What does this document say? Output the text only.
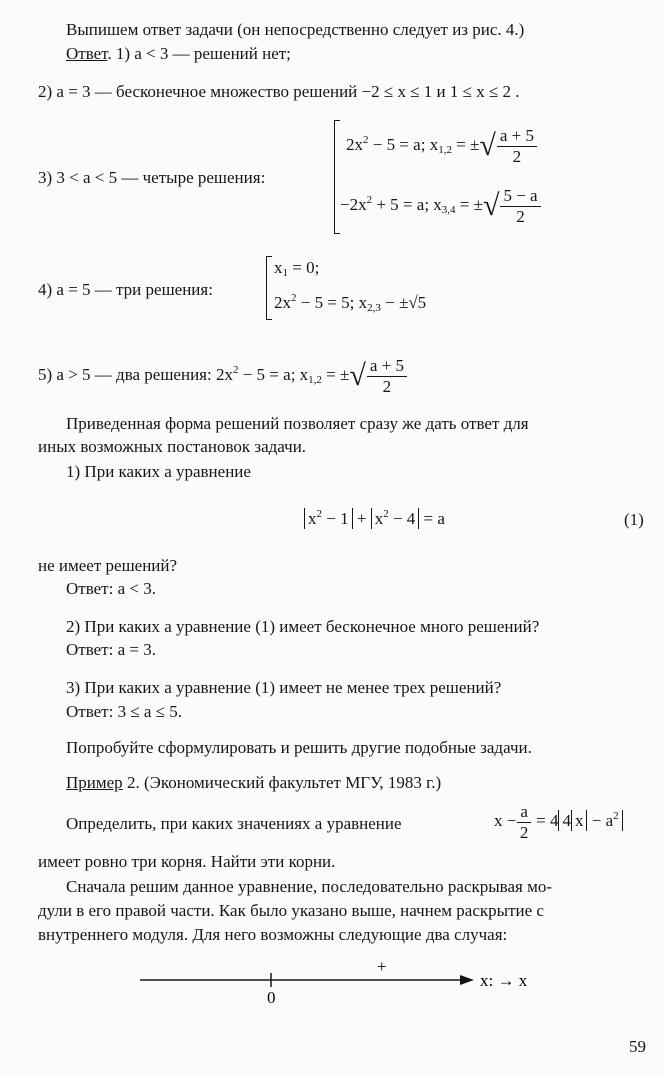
Выпишем ответ задачи (он непосредственно следует из рис. 4.)
Ответ. 1) a < 3 — решений нет;
2) a = 3 — бесконечное множество решений −2 ≤ x ≤ 1 и 1 ≤ x ≤ 2 .
3) 3 < a < 5 — четыре решения:
$2x^2 - 5 = a$; $x_{1,2}$ = ±√ $\frac{a + 5}{2}$
$-2x^2 + 5 = a$; $x_{3,4}$ = ±√ $\frac{5 - a}{2}$
4) a = 5 — три решения:
$x_1 = 0$;
$2x^2 - 5 = 5$; $x_{2,3} - \pm√5$
5) a > 5 — два решения: $2x^2 - 5 = a$; $x_{1,2}$ = ±√ $\frac{a + 5}{2}$
Приведенная форма решений позволяет сразу же дать ответ для
иных возможных постановок задачи.
1) При каких a уравнение
$x^2 - 1 + x^2 - 4 = a$	(1)
не имеет решений?
Ответ: a < 3.
2) При каких a уравнение (1) имеет бесконечное много решений?
Ответ: a = 3.
3) При каких a уравнение (1) имеет не менее трех решений?
Ответ: 3 ≤ a ≤ 5.
Попробуйте сформулировать и решить другие подобные задачи.
Пример 2. (Экономический факультет МГУ, 1983 г.)
Определить, при каких значениях a уравнение	$x - \frac{a}{2} = 4$ 4 $x - a^2$
имеет ровно три корня. Найти эти корни.
Сначала решим данное уравнение, последовательно раскрывая мо-
дули в его правой части. Как было указано выше, начнем раскрытие с
внутреннего модуля. Для него возможны следующие два случая:
+
0
x: → x
59
